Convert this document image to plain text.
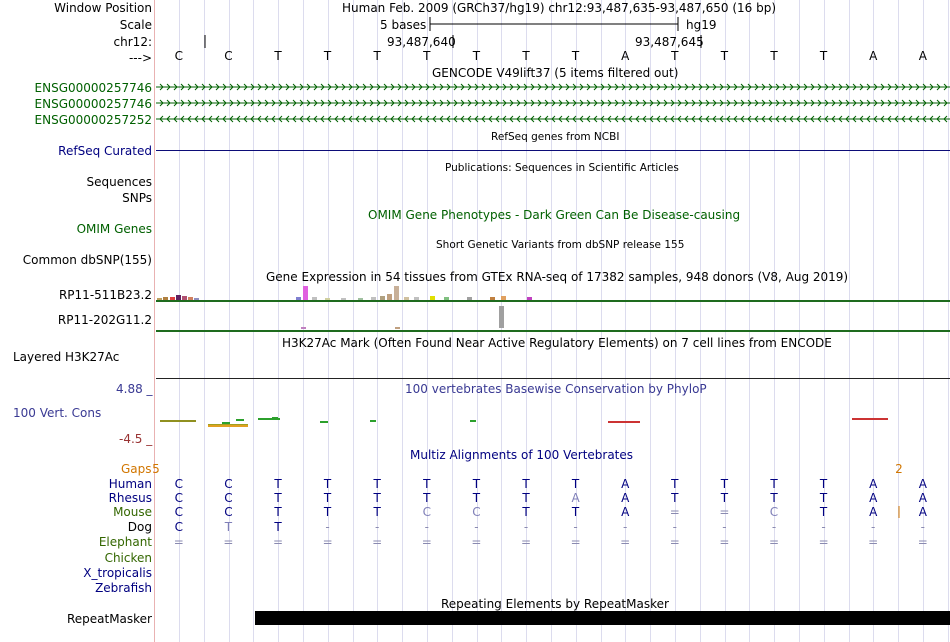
Window Position	Human Feb. 2009 (GRCh37/hg19) chr12:93,487,635-93,487,650 (16 bp)
Scale	5 bases	hg19
chr12:	93,487,640	93,487,645
---> C	C	T	T	T	T	T	T	T	A	T	T	T	T	A	A
GENCODE V49lift37 (5 items filtered out)
ENSG00000257746
ENSG00000257746
ENSG00000257252
RefSeq genes from NCBI
RefSeq Curated
Publications: Sequences in Scientific Articles
Sequences
SNPs
OMIM Gene Phenotypes - Dark Green Can Be Disease-causing
OMIM Genes
Short Genetic Variants from dbSNP release 155
Common dbSNP(155)
Gene Expression in 54 tissues from GTEx RNA-seq of 17382 samples, 948 donors (V8, Aug 2019)
RP11-511B23.2
RP11-202G11.2
H3K27Ac Mark (Often Found Near Active Regulatory Elements) on 7 cell lines from ENCODE
Layered H3K27Ac
100 vertebrates Basewise Conservation by PhyloP
4.88 _
100 Vert. Cons
-4.5 _
Multiz Alignments of 100 Vertebrates
Gaps 5	2
Human C	C	T	T	T	T	T	T	T	A	T	T	T	T	A	A
Rhesus C	C	T	T	T	T	T	T	A	A	T	T	T	T	A	A
Mouse C	C	T	T	T	C	C	T	T	A	=	=	C	T	A	A
Dog C	T	T	-	-	-	-	-	-	-	-	-	-	-	-	-
Elephant =	=	=	=	=	=	=	=	=	=	=	=	=	=	=	=
Chicken
X_tropicalis
Zebrafish
Repeating Elements by RepeatMasker
RepeatMasker
